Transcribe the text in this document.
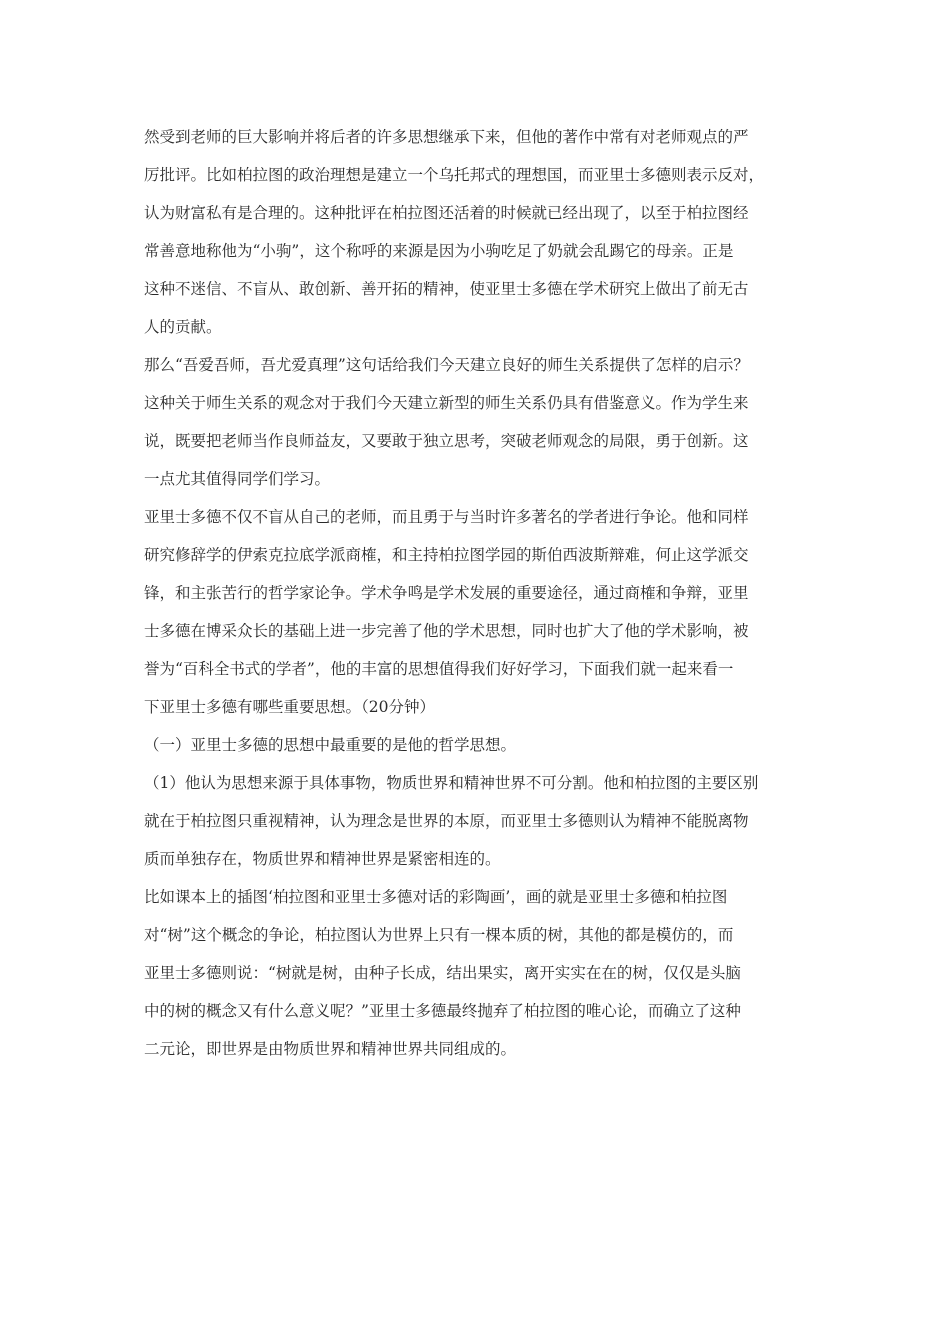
然受到老师的巨大影响并将后者的许多思想继承下来，但他的著作中常有对老师观点的严
厉批评。比如柏拉图的政治理想是建立一个乌托邦式的理想国，而亚里士多德则表示反对，
认为财富私有是合理的。这种批评在柏拉图还活着的时候就已经出现了，以至于柏拉图经
常善意地称他为“小驹”，这个称呼的来源是因为小驹吃足了奶就会乱踢它的母亲。正是
这种不迷信、不盲从、敢创新、善开拓的精神，使亚里士多德在学术研究上做出了前无古
人的贡献。
那么“吾爱吾师，吾尤爱真理”这句话给我们今天建立良好的师生关系提供了怎样的启示？
这种关于师生关系的观念对于我们今天建立新型的师生关系仍具有借鉴意义。作为学生来
说，既要把老师当作良师益友，又要敢于独立思考，突破老师观念的局限，勇于创新。这
一点尤其值得同学们学习。
亚里士多德不仅不盲从自己的老师，而且勇于与当时许多著名的学者进行争论。他和同样
研究修辞学的伊索克拉底学派商榷，和主持柏拉图学园的斯伯西波斯辩难，何止这学派交
锋，和主张苦行的哲学家论争。学术争鸣是学术发展的重要途径，通过商榷和争辩，亚里
士多德在博采众长的基础上进一步完善了他的学术思想，同时也扩大了他的学术影响，被
誉为“百科全书式的学者”，他的丰富的思想值得我们好好学习，下面我们就一起来看一
下亚里士多德有哪些重要思想。（20分钟）
（一）亚里士多德的思想中最重要的是他的哲学思想。
（1）他认为思想来源于具体事物，物质世界和精神世界不可分割。他和柏拉图的主要区别
就在于柏拉图只重视精神，认为理念是世界的本原，而亚里士多德则认为精神不能脱离物
质而单独存在，物质世界和精神世界是紧密相连的。
比如课本上的插图‘柏拉图和亚里士多德对话的彩陶画’，画的就是亚里士多德和柏拉图
对“树”这个概念的争论，柏拉图认为世界上只有一棵本质的树，其他的都是模仿的，而
亚里士多德则说：“树就是树，由种子长成，结出果实，离开实实在在的树，仅仅是头脑
中的树的概念又有什么意义呢？”亚里士多德最终抛弃了柏拉图的唯心论，而确立了这种
二元论，即世界是由物质世界和精神世界共同组成的。
